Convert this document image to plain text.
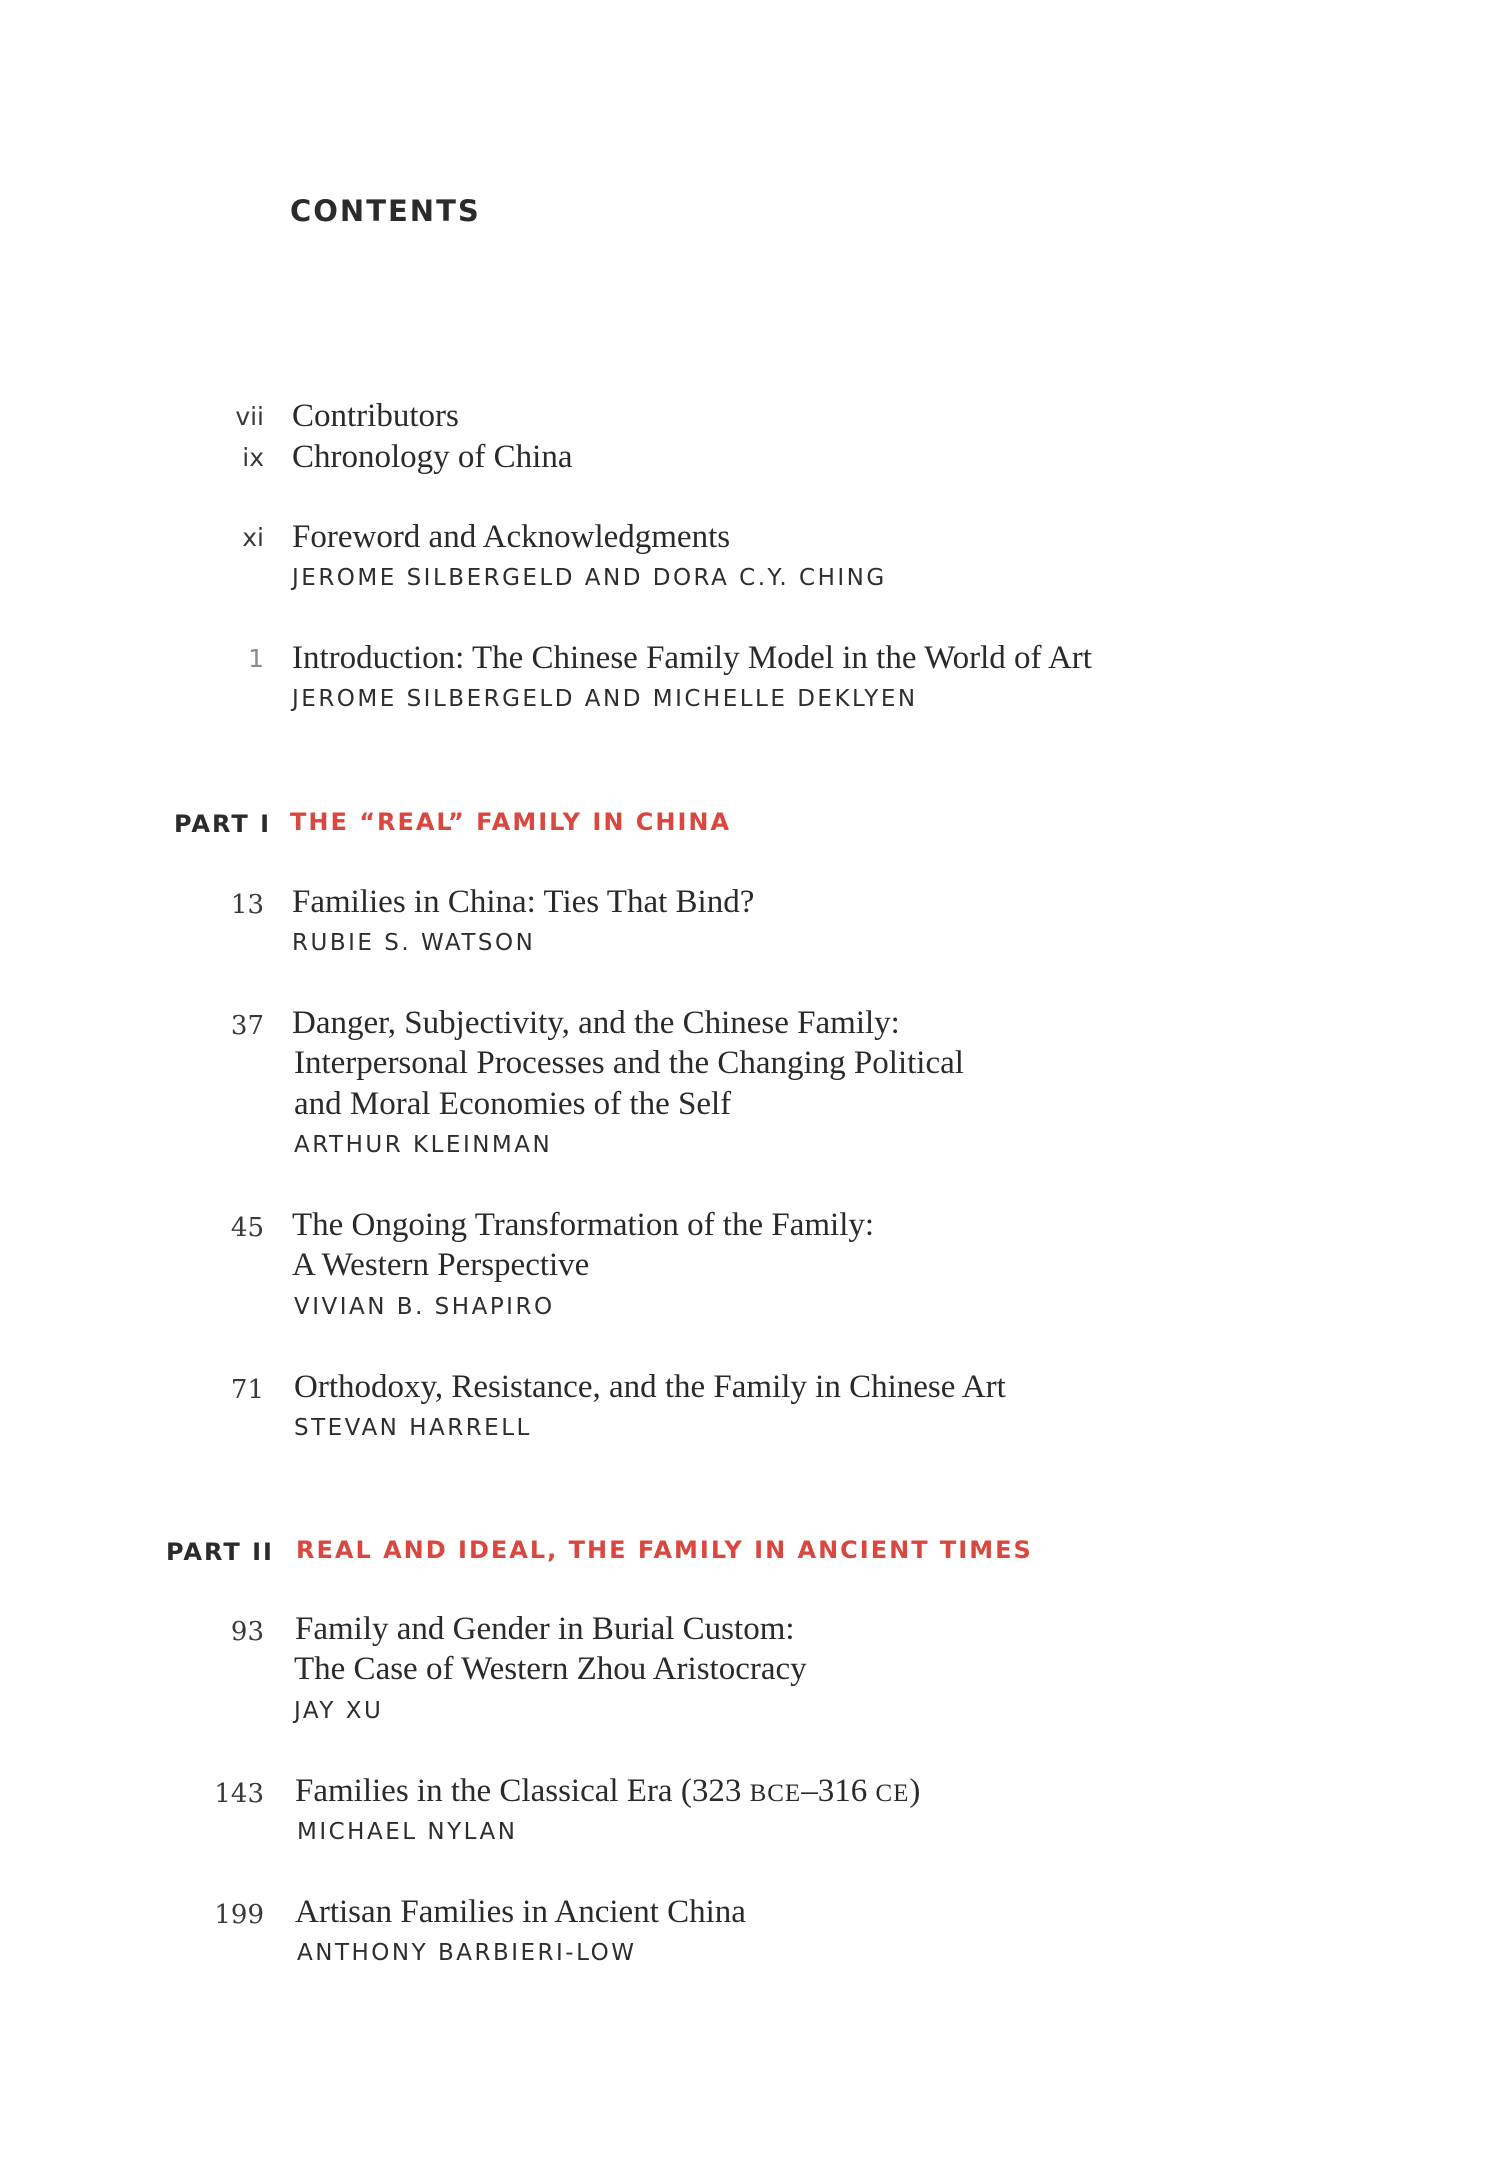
CONTENTS
vii Contributors
ix Chronology of China
xi Foreword and Acknowledgments
JEROME SILBERGELD AND DORA C.Y. CHING
1 Introduction: The Chinese Family Model in the World of Art
JEROME SILBERGELD AND MICHELLE DEKLYEN
PART I THE “REAL” FAMILY IN CHINA
13 Families in China: Ties That Bind?
RUBIE S. WATSON
37 Danger, Subjectivity, and the Chinese Family:
Interpersonal Processes and the Changing Political
and Moral Economies of the Self
ARTHUR KLEINMAN
45 The Ongoing Transformation of the Family:
A Western Perspective
VIVIAN B. SHAPIRO
71 Orthodoxy, Resistance, and the Family in Chinese Art
STEVAN HARRELL
PART II REAL AND IDEAL, THE FAMILY IN ANCIENT TIMES
93 Family and Gender in Burial Custom:
The Case of Western Zhou Aristocracy
JAY XU
143 Families in the Classical Era (323 BCE–316 CE)
MICHAEL NYLAN
199 Artisan Families in Ancient China
ANTHONY BARBIERI-LOW
